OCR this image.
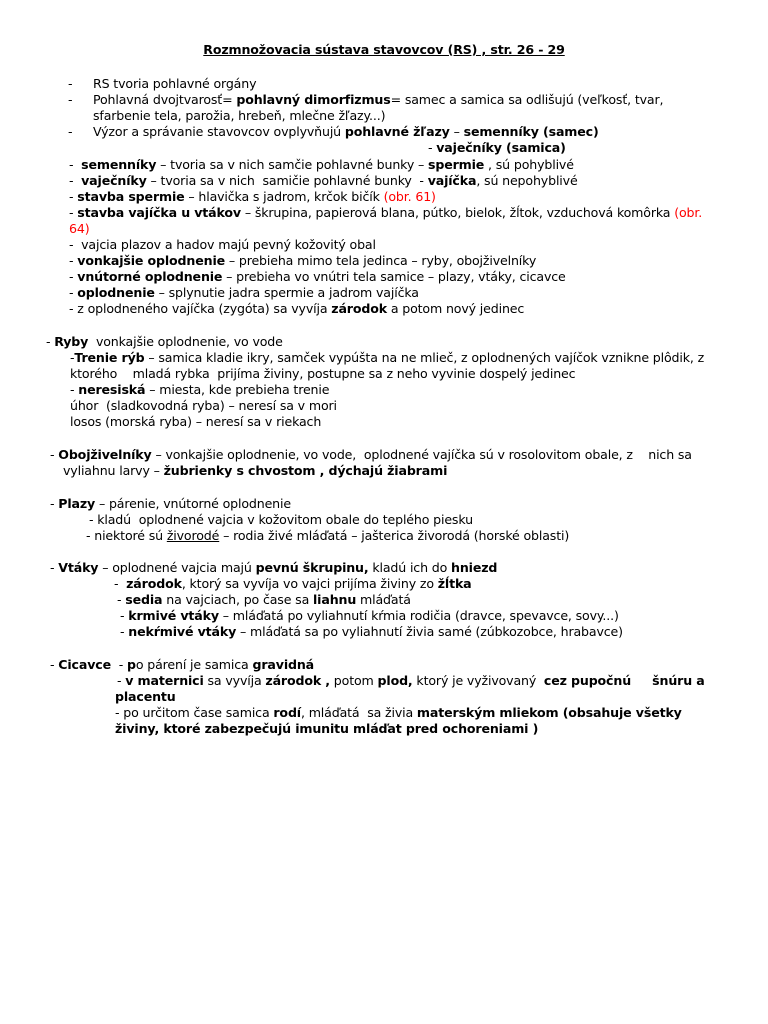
Rozmnožovacia sústava stavovcov (RS) , str. 26 - 29
- RS tvoria pohlavné orgány
- Pohlavná dvojtvarosť= pohlavný dimorfizmus= samec a samica sa odlišujú (veľkosť, tvar,
sfarbenie tela, parožia, hrebeň, mlečne žľazy...)
- Výzor a správanie stavovcov ovplyvňujú pohlavné žľazy – semenníky (samec)
- vaječníky (samica)
- semenníky – tvoria sa v nich samčie pohlavné bunky – spermie , sú pohyblivé
- vaječníky – tvoria sa v nich  samičie pohlavné bunky  - vajíčka, sú nepohyblivé
- stavba spermie – hlavička s jadrom, krčok bičík (obr. 61)
- stavba vajíčka u vtákov – škrupina, papierová blana, pútko, bielok, žĺtok, vzduchová komôrka (obr.
64)
- vajcia plazov a hadov majú pevný kožovitý obal
- vonkajšie oplodnenie – prebieha mimo tela jedinca – ryby, obojživelníky
- vnútorné oplodnenie – prebieha vo vnútri tela samice – plazy, vtáky, cicavce
- oplodnenie – splynutie jadra spermie a jadrom vajíčka
- z oplodneného vajíčka (zygóta) sa vyvíja zárodok a potom nový jedinec
- Ryby  vonkajšie oplodnenie, vo vode
-Trenie rýb – samica kladie ikry, samček vypúšta na ne mlieč, z oplodnených vajíčok vznikne plôdik, z
ktorého    mladá rybka  prijíma živiny, postupne sa z neho vyvinie dospelý jedinec
- neresiská – miesta, kde prebieha trenie
úhor  (sladkovodná ryba) – neresí sa v mori
losos (morská ryba) – neresí sa v riekach
- Obojživelníky – vonkajšie oplodnenie, vo vode,  oplodnené vajíčka sú v rosolovitom obale, z    nich sa
vyliahnu larvy – žubrienky s chvostom , dýchajú žiabrami
- Plazy – párenie, vnútorné oplodnenie
- kladú  oplodnené vajcia v kožovitom obale do teplého piesku
- niektoré sú živorodé – rodia živé mláďatá – jašterica živorodá (horské oblasti)
- Vtáky – oplodnené vajcia majú pevnú škrupinu, kladú ich do hniezd
- zárodok, ktorý sa vyvíja vo vajci prijíma živiny zo žĺtka
- sedia na vajciach, po čase sa liahnu mláďatá
- krmivé vtáky – mláďatá po vyliahnutí kŕmia rodičia (dravce, spevavce, sovy...)
- nekŕmivé vtáky – mláďatá sa po vyliahnutí živia samé (zúbkozobce, hrabavce)
- Cicavce - po párení je samica gravidná
- v maternici sa vyvíja zárodok , potom plod, ktorý je vyživovaný  cez pupočnú     šnúru a
placentu
- po určitom čase samica rodí, mláďatá  sa živia materským mliekom (obsahuje všetky
živiny, ktoré zabezpečujú imunitu mláďat pred ochoreniami )
